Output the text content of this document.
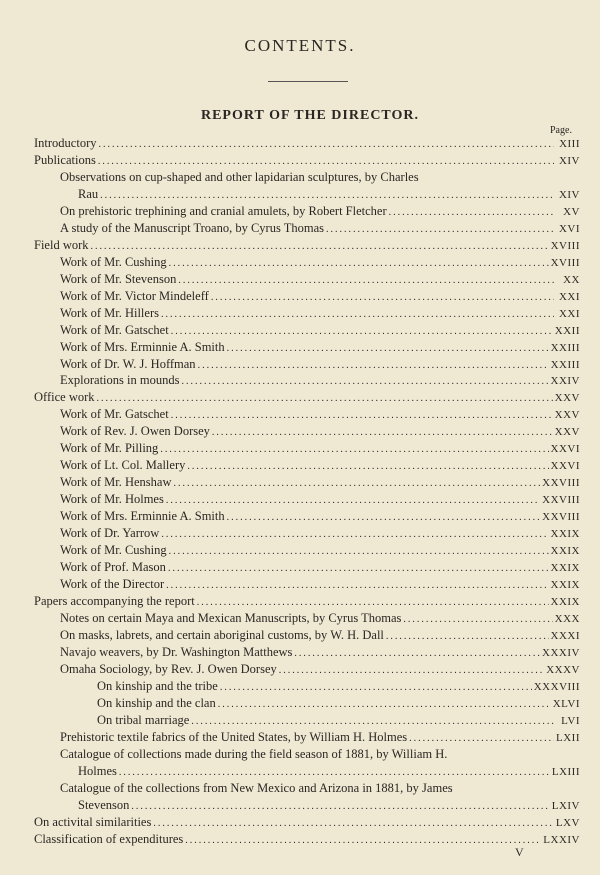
CONTENTS.
REPORT OF THE DIRECTOR.
Page.
Introductory .....	XIII
Publications .....	XIV
Observations on cup-shaped and other lapidarian sculptures, by Charles
Rau .....	XIV
On prehistoric trephining and cranial amulets, by Robert Fletcher .....	XV
A study of the Manuscript Troano, by Cyrus Thomas .....	XVI
Field work .....	XVIII
Work of Mr. Cushing .....	XVIII
Work of Mr. Stevenson .....	XX
Work of Mr. Victor Mindeleff .....	XXI
Work of Mr. Hillers .....	XXI
Work of Mr. Gatschet .....	XXII
Work of Mrs. Erminnie A. Smith .....	XXIII
Work of Dr. W. J. Hoffman .....	XXIII
Explorations in mounds .....	XXIV
Office work .....	XXV
Work of Mr. Gatschet .....	XXV
Work of Rev. J. Owen Dorsey .....	XXV
Work of Mr. Pilling .....	XXVI
Work of Lt. Col. Mallery .....	XXVI
Work of Mr. Henshaw .....	XXVIII
Work of Mr. Holmes .....	XXVIII
Work of Mrs. Erminnie A. Smith .....	XXVIII
Work of Dr. Yarrow .....	XXIX
Work of Mr. Cushing .....	XXIX
Work of Prof. Mason .....	XXIX
Work of the Director .....	XXIX
Papers accompanying the report .....	XXIX
Notes on certain Maya and Mexican Manuscripts, by Cyrus Thomas .....	XXX
On masks, labrets, and certain aboriginal customs, by W. H. Dall .....	XXXI
Navajo weavers, by Dr. Washington Matthews .....	XXXIV
Omaha Sociology, by Rev. J. Owen Dorsey .....	XXXV
On kinship and the tribe .....	XXXVIII
On kinship and the clan .....	XLVI
On tribal marriage .....	LVI
Prehistoric textile fabrics of the United States, by William H. Holmes .....	LXII
Catalogue of collections made during the field season of 1881, by William H.
Holmes .....	LXIII
Catalogue of the collections from New Mexico and Arizona in 1881, by James
Stevenson .....	LXIV
On activital similarities .....	LXV
Classification of expenditures .....	LXXIV
V
